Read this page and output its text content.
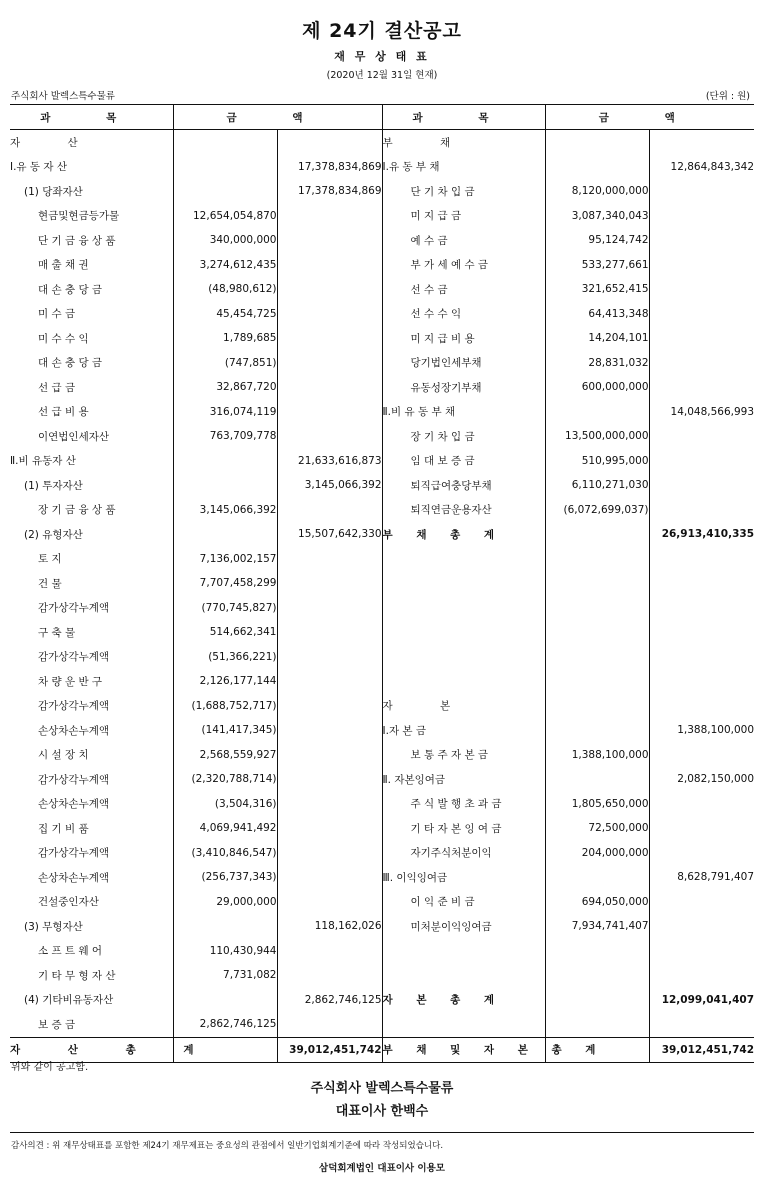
제 24기 결산공고
재 무 상 태 표
(2020년 12월 31일 현재)
주식회사 발렉스특수물류	(단위 : 원)
과 목	금 액		과 목	금 액	
자 산			부 채		
Ⅰ.유 동 자 산		17,378,834,869	Ⅰ.유 동 부 채		12,864,843,342
(1) 당좌자산		17,378,834,869	단 기 차 입 금	8,120,000,000	
현금및현금등가물	12,654,054,870		미 지 급 금	3,087,340,043	
단 기 금 융 상 품	340,000,000		예 수 금	95,124,742	
매 출 채 권	3,274,612,435		부 가 세 예 수 금	533,277,661	
대 손 충 당 금	(48,980,612)		선 수 금	321,652,415	
미 수 금	45,454,725		선 수 수 익	64,413,348	
미 수 수 익	1,789,685		미 지 급 비 용	14,204,101	
대 손 충 당 금	(747,851)		당기법인세부채	28,831,032	
선 급 금	32,867,720		유동성장기부채	600,000,000	
선 급 비 용	316,074,119		Ⅱ.비 유 동 부 채		14,048,566,993
이연법인세자산	763,709,778		장 기 차 입 금	13,500,000,000	
Ⅱ.비 유동자 산		21,633,616,873	임 대 보 증 금	510,995,000	
(1) 투자자산		3,145,066,392	퇴직급여충당부채	6,110,271,030	
장 기 금 융 상 품	3,145,066,392		퇴직연금운용자산	(6,072,699,037)	
(2) 유형자산		15,507,642,330	부 채 총 계		26,913,410,335
토 지	7,136,002,157				
건 물	7,707,458,299				
감가상각누계액	(770,745,827)				
구 축 물	514,662,341				
감가상각누계액	(51,366,221)				
차 량 운 반 구	2,126,177,144				
감가상각누계액	(1,688,752,717)		자 본		
손상차손누계액	(141,417,345)		Ⅰ.자 본 금		1,388,100,000
시 설 장 치	2,568,559,927		보 통 주 자 본 금	1,388,100,000	
감가상각누계액	(2,320,788,714)		Ⅱ. 자본잉여금		2,082,150,000
손상차손누계액	(3,504,316)		주 식 발 행 초 과 금	1,805,650,000	
집 기 비 품	4,069,941,492		기 타 자 본 잉 여 금	72,500,000	
감가상각누계액	(3,410,846,547)		자기주식처분이익	204,000,000	
손상차손누계액	(256,737,343)		Ⅲ. 이익잉여금		8,628,791,407
건설중인자산	29,000,000		이 익 준 비 금	694,050,000	
(3) 무형자산		118,162,026	미처분이익잉여금	7,934,741,407	
소 프 트 웨 어	110,430,944				
기 타 무 형 자 산	7,731,082				
(4) 기타비유동자산		2,862,746,125	자 본 총 계		12,099,041,407
보 증 금	2,862,746,125				
자 산 총 계		39,012,451,742	부 채 및 자 본 총 계		39,012,451,742
위와 같이 공고함.
주식회사 발렉스특수물류
대표이사 한백수
감사의견 : 위 재무상태표를 포함한 제24기 재무제표는 중요성의 관점에서 일반기업회계기준에 따라 작성되었습니다.
삼덕회계법인 대표이사 이용모
